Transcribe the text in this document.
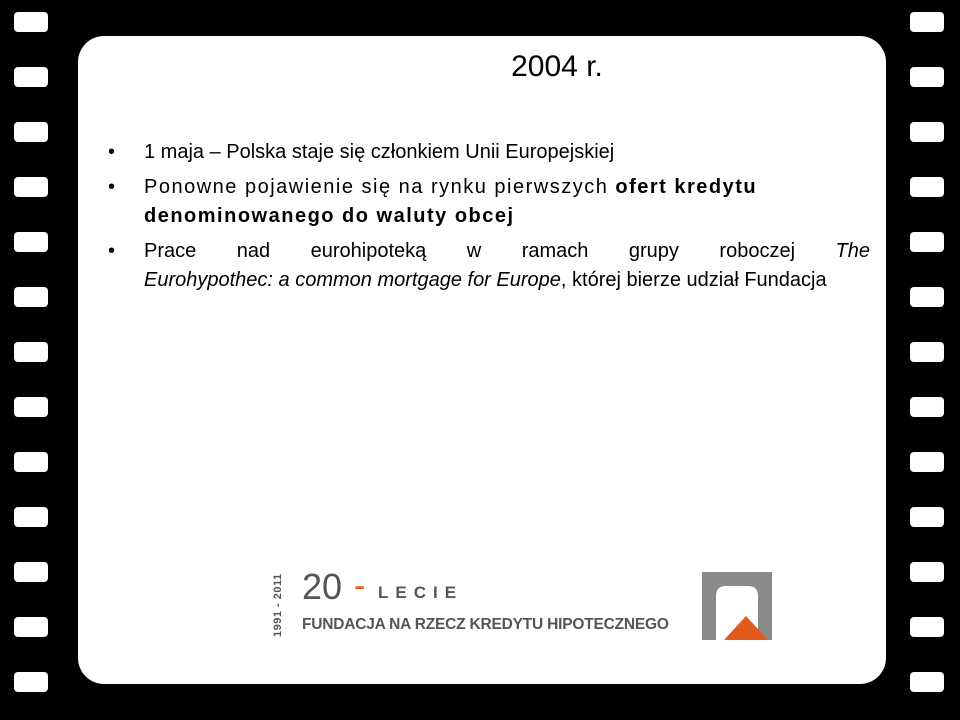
2004 r.
• 1 maja – Polska staje się członkiem Unii Europejskiej
• Ponowne pojawienie się na rynku pierwszych ofert kredytu denominowanego do waluty obcej
• Prace nad eurohipoteką w ramach grupy roboczej The Eurohypothec: a common mortgage for Europe, której bierze udział Fundacja
1991 - 2011 20 - LECIE
FUNDACJA NA RZECZ KREDYTU HIPOTECZNEGO
